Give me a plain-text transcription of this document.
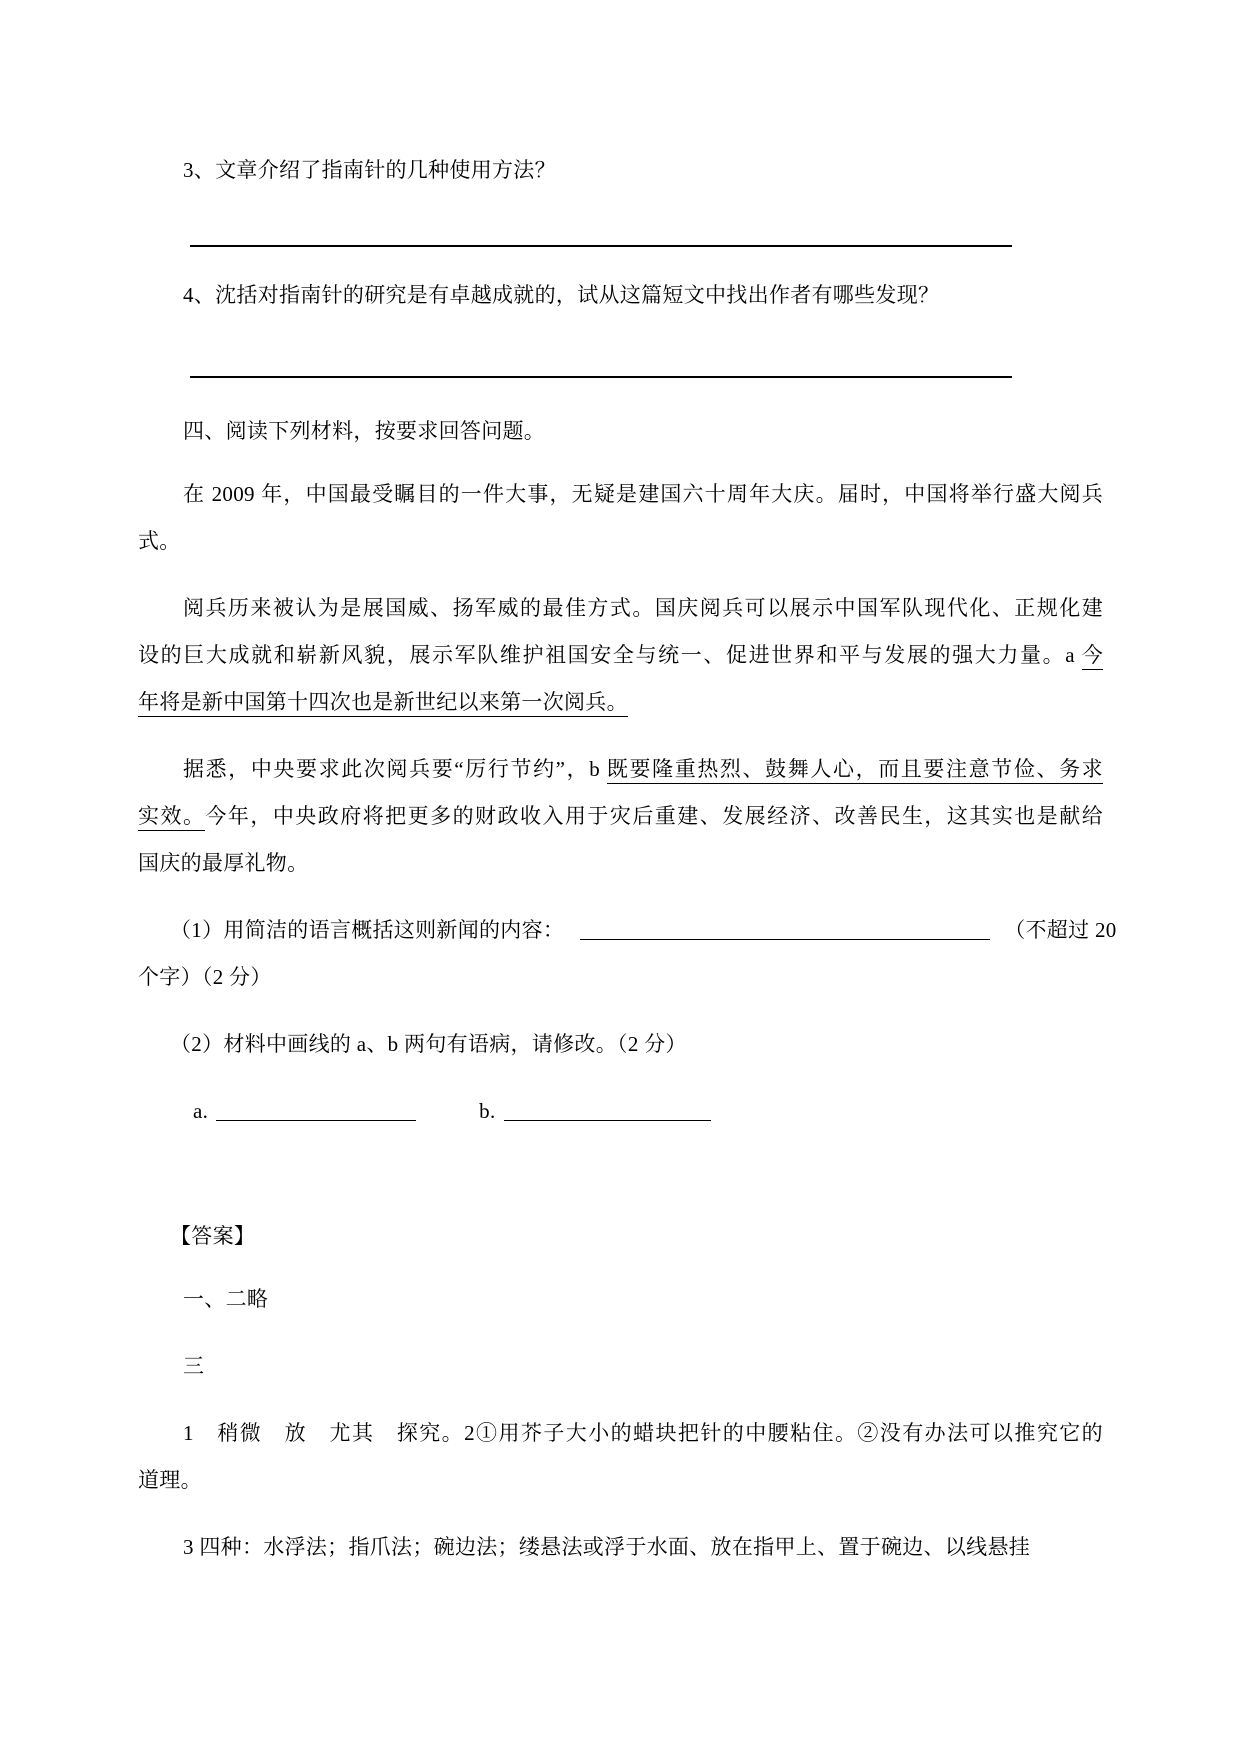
3、文章介绍了指南针的几种使用方法？
4、沈括对指南针的研究是有卓越成就的，试从这篇短文中找出作者有哪些发现？
四、阅读下列材料，按要求回答问题。
在 2009 年，中国最受瞩目的一件大事，无疑是建国六十周年大庆。届时，中国将举行盛大阅兵
式。
阅兵历来被认为是展国威、扬军威的最佳方式。国庆阅兵可以展示中国军队现代化、正规化建
设的巨大成就和崭新风貌，展示军队维护祖国安全与统一、促进世界和平与发展的强大力量。a 今
年将是新中国第十四次也是新世纪以来第一次阅兵。
据悉，中央要求此次阅兵要“厉行节约”，b 既要隆重热烈、鼓舞人心，而且要注意节俭、务求
实效。今年，中央政府将把更多的财政收入用于灾后重建、发展经济、改善民生，这其实也是献给
国庆的最厚礼物。
（1）用简洁的语言概括这则新闻的内容：	（不超过 20
个字）（2 分）
（2）材料中画线的 a、b 两句有语病，请修改。（2 分）
a.	b.
【答案】
一、二略
三
1　稍微　放　尤其　探究。2①用芥子大小的蜡块把针的中腰粘住。②没有办法可以推究它的
道理。
3 四种：水浮法；指爪法；碗边法；缕悬法或浮于水面、放在指甲上、置于碗边、以线悬挂
